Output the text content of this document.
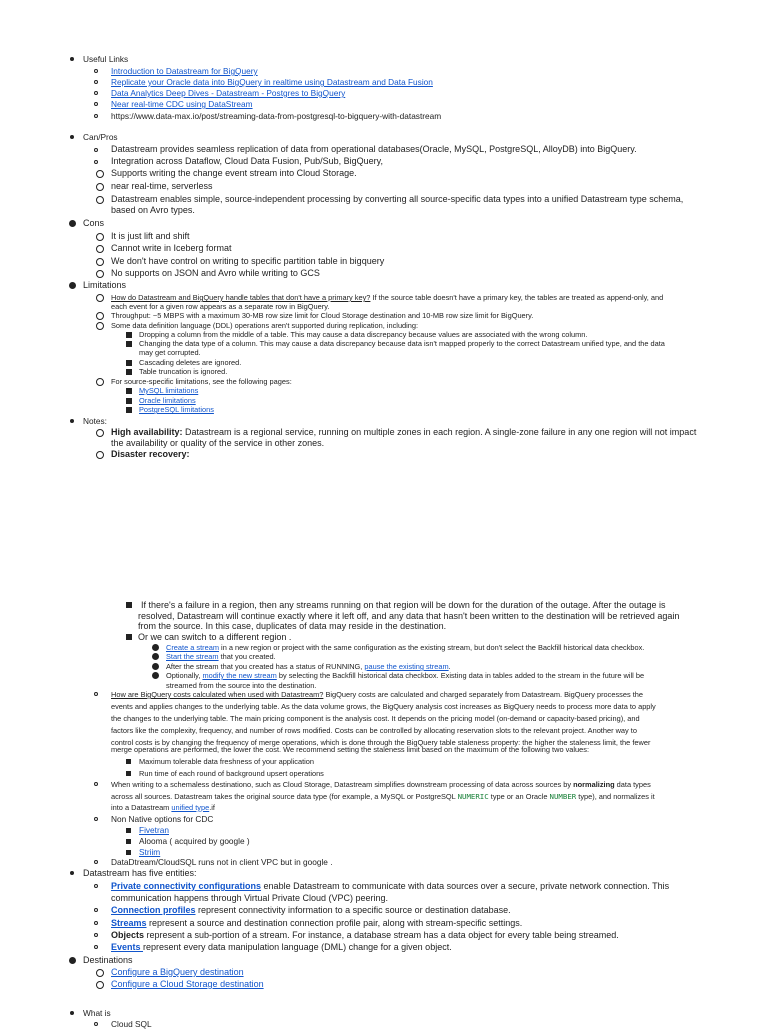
Useful Links
Introduction to Datastream for BigQuery
Replicate your Oracle data into BigQuery in realtime using Datastream and Data Fusion
Data Analytics Deep Dives - Datastream - Postgres to BigQuery
Near real-time CDC using DataStream
https://www.data-max.io/post/streaming-data-from-postgresql-to-bigquery-with-datastream
Can/Pros
Datastream provides seamless replication of data from operational databases(Oracle, MySQL, PostgreSQL, AlloyDB) into BigQuery.
Integration across Dataflow, Cloud Data Fusion, Pub/Sub, BigQuery,
Supports writing the change event stream into Cloud Storage.
near real-time, serverless
Datastream enables simple, source-independent processing by converting all source-specific data types into a unified Datastream type schema,
based on Avro types.
Cons
It is just lift and shift
Cannot write in Iceberg format
We don't have control on writing to specific partition table in bigquery
No supports on JSON and Avro while writing to GCS
Limitations
How do Datastream and BigQuery handle tables that don't have a primary key? If the source table doesn't have a primary key, the tables are treated as append-only, and
each event for a given row appears as a separate row in BigQuery.
Throughput: ~5 MBPS with a maximum 30-MB row size limit for Cloud Storage destination and 10-MB row size limit for BigQuery.
Some data definition language (DDL) operations aren't supported during replication, including:
Dropping a column from the middle of a table. This may cause a data discrepancy because values are associated with the wrong column.
Changing the data type of a column. This may cause a data discrepancy because data isn't mapped properly to the correct Datastream unified type, and the data
may get corrupted.
Cascading deletes are ignored.
Table truncation is ignored.
For source-specific limitations, see the following pages:
MySQL limitations
Oracle limitations
PostgreSQL limitations
Notes:
High availability: Datastream is a regional service, running on multiple zones in each region. A single-zone failure in any one region will not impact
the availability or quality of the service in other zones.
Disaster recovery:
If there's a failure in a region, then any streams running on that region will be down for the duration of the outage. After the outage is
resolved, Datastream will continue exactly where it left off, and any data that hasn't been written to the destination will be retrieved again
from the source. In this case, duplicates of data may reside in the destination.
Or we can switch to a different region .
Create a stream in a new region or project with the same configuration as the existing stream, but don't select the Backfill historical data checkbox.
Start the stream that you created.
After the stream that you created has a status of RUNNING, pause the existing stream.
Optionally, modify the new stream by selecting the Backfill historical data checkbox. Existing data in tables added to the stream in the future will be
streamed from the source into the destination.
How are BigQuery costs calculated when used with Datastream? BigQuery costs are calculated and charged separately from Datastream. BigQuery processes the
events and applies changes to the underlying table. As the data volume grows, the BigQuery analysis cost increases as BigQuery needs to process more data to apply
the changes to the underlying table. The main pricing component is the analysis cost. It depends on the pricing model (on-demand or capacity-based pricing), and
factors like the complexity, frequency, and number of rows modified. Costs can be controlled by allocating reservation slots to the relevant project. Another way to
control costs is by changing the frequency of merge operations, which is done through the BigQuery table staleness property: the higher the staleness limit, the fewer
merge operations are performed, the lower the cost. We recommend setting the staleness limit based on the maximum of the following two values:
Maximum tolerable data freshness of your application
Run time of each round of background upsert operations
When writing to a schemaless destinationo, such as Cloud Storage, Datastream simplifies downstream processing of data across sources by normalizing data types
across all sources. Datastream takes the original source data type (for example, a MySQL or PostgreSQL NUMERIC type or an Oracle NUMBER type), and normalizes it
into a Datastream unified type.if
Non Native options for CDC
Fivetran
Alooma ( acquired by google )
Striim
DataDtream/CloudSQL runs not in client VPC but in google .
Datastream has five entities:
Private connectivity configurations enable Datastream to communicate with data sources over a secure, private network connection. This
communication happens through Virtual Private Cloud (VPC) peering.
Connection profiles represent connectivity information to a specific source or destination database.
Streams represent a source and destination connection profile pair, along with stream-specific settings.
Objects represent a sub-portion of a stream. For instance, a database stream has a data object for every table being streamed.
Events represent every data manipulation language (DML) change for a given object.
Destinations
Configure a BigQuery destination
Configure a Cloud Storage destination
What is
Cloud SQL
